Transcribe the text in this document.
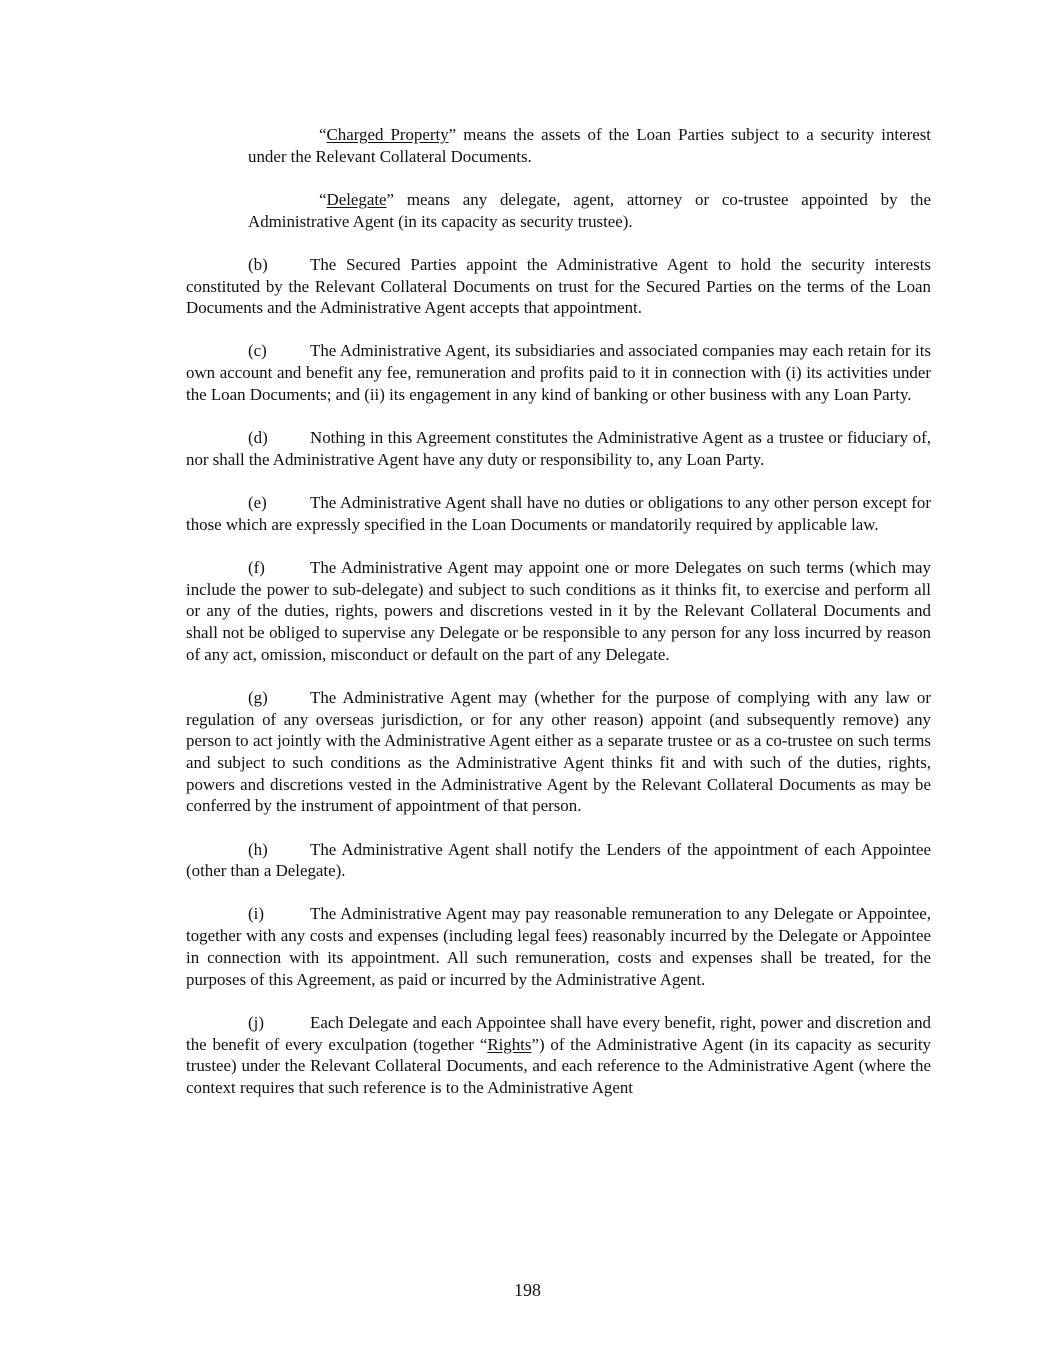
“Charged Property” means the assets of the Loan Parties subject to a security interest under the Relevant Collateral Documents.

“Delegate” means any delegate, agent, attorney or co-trustee appointed by the Administrative Agent (in its capacity as security trustee).

(b)	The Secured Parties appoint the Administrative Agent to hold the security interests constituted by the Relevant Collateral Documents on trust for the Secured Parties on the terms of the Loan Documents and the Administrative Agent accepts that appointment.

(c)	The Administrative Agent, its subsidiaries and associated companies may each retain for its own account and benefit any fee, remuneration and profits paid to it in connection with (i) its activities under the Loan Documents; and (ii) its engagement in any kind of banking or other business with any Loan Party.

(d)	Nothing in this Agreement constitutes the Administrative Agent as a trustee or fiduciary of, nor shall the Administrative Agent have any duty or responsibility to, any Loan Party.

(e)	The Administrative Agent shall have no duties or obligations to any other person except for those which are expressly specified in the Loan Documents or mandatorily required by applicable law.

(f)	The Administrative Agent may appoint one or more Delegates on such terms (which may include the power to sub-delegate) and subject to such conditions as it thinks fit, to exercise and perform all or any of the duties, rights, powers and discretions vested in it by the Relevant Collateral Documents and shall not be obliged to supervise any Delegate or be responsible to any person for any loss incurred by reason of any act, omission, misconduct or default on the part of any Delegate.

(g)	The Administrative Agent may (whether for the purpose of complying with any law or regulation of any overseas jurisdiction, or for any other reason) appoint (and subsequently remove) any person to act jointly with the Administrative Agent either as a separate trustee or as a co-trustee on such terms and subject to such conditions as the Administrative Agent thinks fit and with such of the duties, rights, powers and discretions vested in the Administrative Agent by the Relevant Collateral Documents as may be conferred by the instrument of appointment of that person.

(h)	The Administrative Agent shall notify the Lenders of the appointment of each Appointee (other than a Delegate).

(i)	The Administrative Agent may pay reasonable remuneration to any Delegate or Appointee, together with any costs and expenses (including legal fees) reasonably incurred by the Delegate or Appointee in connection with its appointment. All such remuneration, costs and expenses shall be treated, for the purposes of this Agreement, as paid or incurred by the Administrative Agent.

(j)	Each Delegate and each Appointee shall have every benefit, right, power and discretion and the benefit of every exculpation (together “Rights”) of the Administrative Agent (in its capacity as security trustee) under the Relevant Collateral Documents, and each reference to the Administrative Agent (where the context requires that such reference is to the Administrative Agent

198
